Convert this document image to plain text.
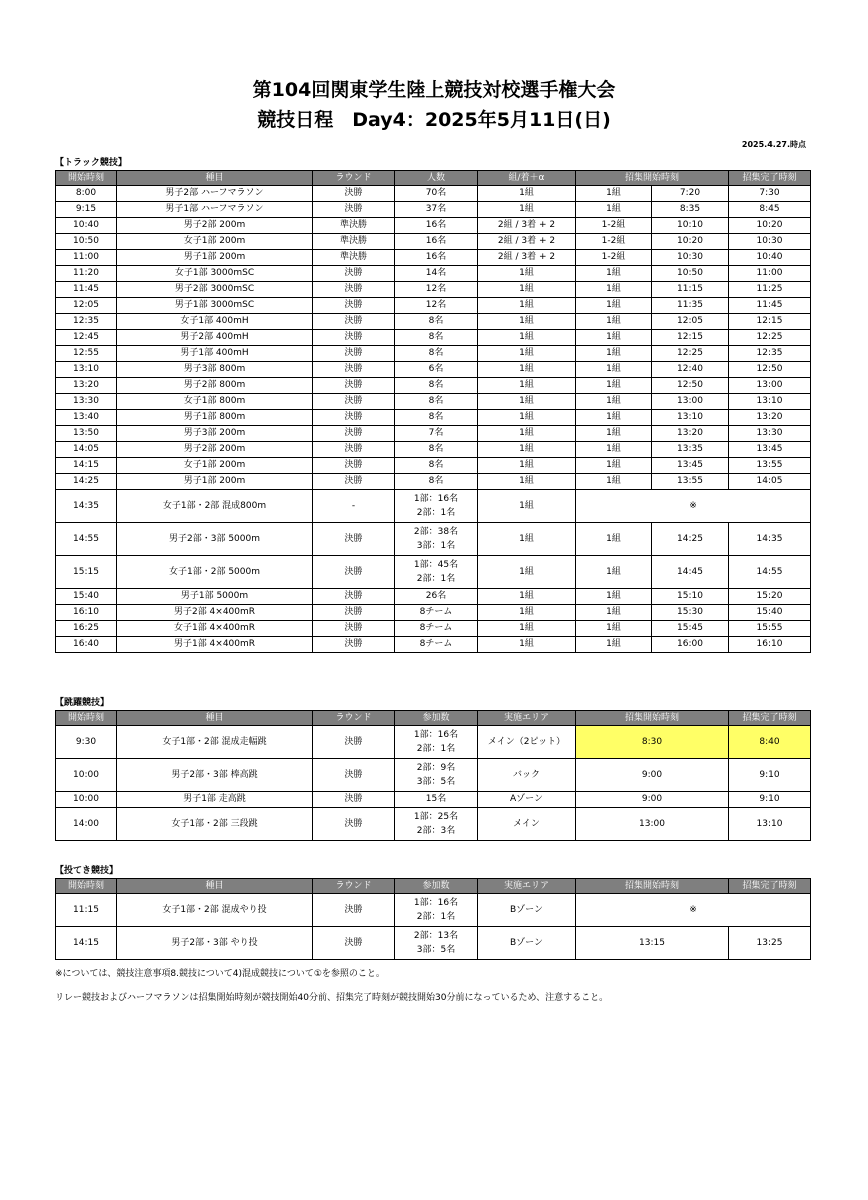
第104回関東学生陸上競技対校選手権大会
競技日程　Day4：2025年5月11日(日)
2025.4.27.時点
【トラック競技】
開始時刻	種目	ラウンド	人数	組/着＋α	招集開始時刻		招集完了時刻
8:00	男子2部 ハーフマラソン	決勝	70名	1組	1組	7:20	7:30
9:15	男子1部 ハーフマラソン	決勝	37名	1組	1組	8:35	8:45
10:40	男子2部 200m	準決勝	16名	2組 / 3着 + 2	1-2組	10:10	10:20
10:50	女子1部 200m	準決勝	16名	2組 / 3着 + 2	1-2組	10:20	10:30
11:00	男子1部 200m	準決勝	16名	2組 / 3着 + 2	1-2組	10:30	10:40
11:20	女子1部 3000mSC	決勝	14名	1組	1組	10:50	11:00
11:45	男子2部 3000mSC	決勝	12名	1組	1組	11:15	11:25
12:05	男子1部 3000mSC	決勝	12名	1組	1組	11:35	11:45
12:35	女子1部 400mH	決勝	8名	1組	1組	12:05	12:15
12:45	男子2部 400mH	決勝	8名	1組	1組	12:15	12:25
12:55	男子1部 400mH	決勝	8名	1組	1組	12:25	12:35
13:10	男子3部 800m	決勝	6名	1組	1組	12:40	12:50
13:20	男子2部 800m	決勝	8名	1組	1組	12:50	13:00
13:30	女子1部 800m	決勝	8名	1組	1組	13:00	13:10
13:40	男子1部 800m	決勝	8名	1組	1組	13:10	13:20
13:50	男子3部 200m	決勝	7名	1組	1組	13:20	13:30
14:05	男子2部 200m	決勝	8名	1組	1組	13:35	13:45
14:15	女子1部 200m	決勝	8名	1組	1組	13:45	13:55
14:25	男子1部 200m	決勝	8名	1組	1組	13:55	14:05
14:35	女子1部・2部 混成800m	-	1部：16名
2部：1名	1組	※		
14:55	男子2部・3部 5000m	決勝	2部：38名
3部：1名	1組	1組	14:25	14:35
15:15	女子1部・2部 5000m	決勝	1部：45名
2部：1名	1組	1組	14:45	14:55
15:40	男子1部 5000m	決勝	26名	1組	1組	15:10	15:20
16:10	男子2部 4×400mR	決勝	8チーム	1組	1組	15:30	15:40
16:25	女子1部 4×400mR	決勝	8チーム	1組	1組	15:45	15:55
16:40	男子1部 4×400mR	決勝	8チーム	1組	1組	16:00	16:10
【跳躍競技】
開始時刻	種目	ラウンド	参加数	実施エリア	招集開始時刻	招集完了時刻
9:30	女子1部・2部 混成走幅跳	決勝	1部：16名
2部：1名	メイン（2ピット）	8:30	8:40
10:00	男子2部・3部 棒高跳	決勝	2部：9名
3部：5名	バック	9:00	9:10
10:00	男子1部 走高跳	決勝	15名	Aゾーン	9:00	9:10
14:00	女子1部・2部 三段跳	決勝	1部：25名
2部：3名	メイン	13:00	13:10
【投てき競技】
開始時刻	種目	ラウンド	参加数	実施エリア	招集開始時刻	招集完了時刻
11:15	女子1部・2部 混成やり投	決勝	1部：16名
2部：1名	Bゾーン	※	
14:15	男子2部・3部 やり投	決勝	2部：13名
3部：5名	Bゾーン	13:15	13:25
※については、競技注意事項8.競技について4)混成競技について①を参照のこと。
リレー競技およびハーフマラソンは招集開始時刻が競技開始40分前、招集完了時刻が競技開始30分前になっているため、注意すること。
